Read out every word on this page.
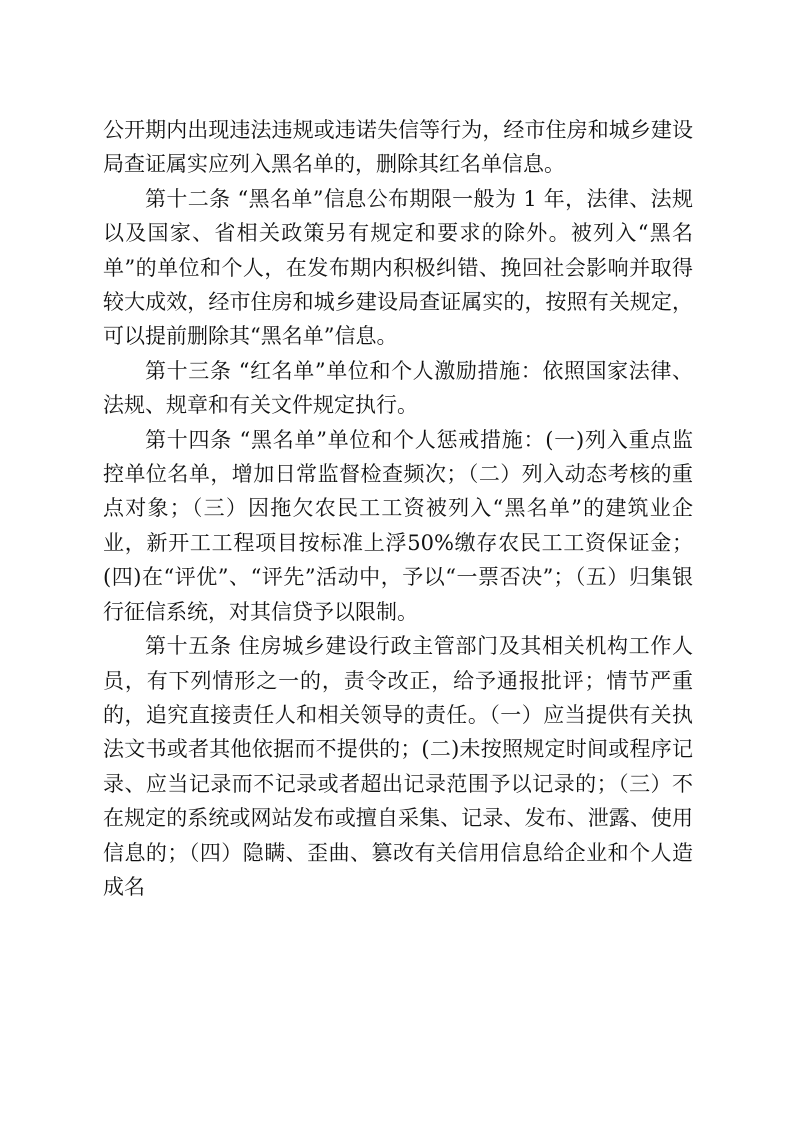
公开期内出现违法违规或违诺失信等行为，经市住房和城乡建设局查证属实应列入黑名单的，删除其红名单信息。

第十二条 “黑名单”信息公布期限一般为 1 年，法律、法规以及国家、省相关政策另有规定和要求的除外。被列入“黑名单”的单位和个人，在发布期内积极纠错、挽回社会影响并取得较大成效，经市住房和城乡建设局查证属实的，按照有关规定，可以提前删除其“黑名单”信息。

第十三条 “红名单”单位和个人激励措施：依照国家法律、法规、规章和有关文件规定执行。

第十四条 “黑名单”单位和个人惩戒措施：(一)列入重点监控单位名单，增加日常监督检查频次；（二）列入动态考核的重点对象；（三）因拖欠农民工工资被列入“黑名单”的建筑业企业，新开工工程项目按标准上浮50%缴存农民工工资保证金；(四)在“评优”、“评先”活动中，予以“一票否决”；（五）归集银行征信系统，对其信贷予以限制。

第十五条 住房城乡建设行政主管部门及其相关机构工作人员，有下列情形之一的，责令改正，给予通报批评；情节严重的，追究直接责任人和相关领导的责任。（一）应当提供有关执法文书或者其他依据而不提供的；(二)未按照规定时间或程序记录、应当记录而不记录或者超出记录范围予以记录的；（三）不在规定的系统或网站发布或擅自采集、记录、发布、泄露、使用信息的；（四）隐瞒、歪曲、篡改有关信用信息给企业和个人造成名
